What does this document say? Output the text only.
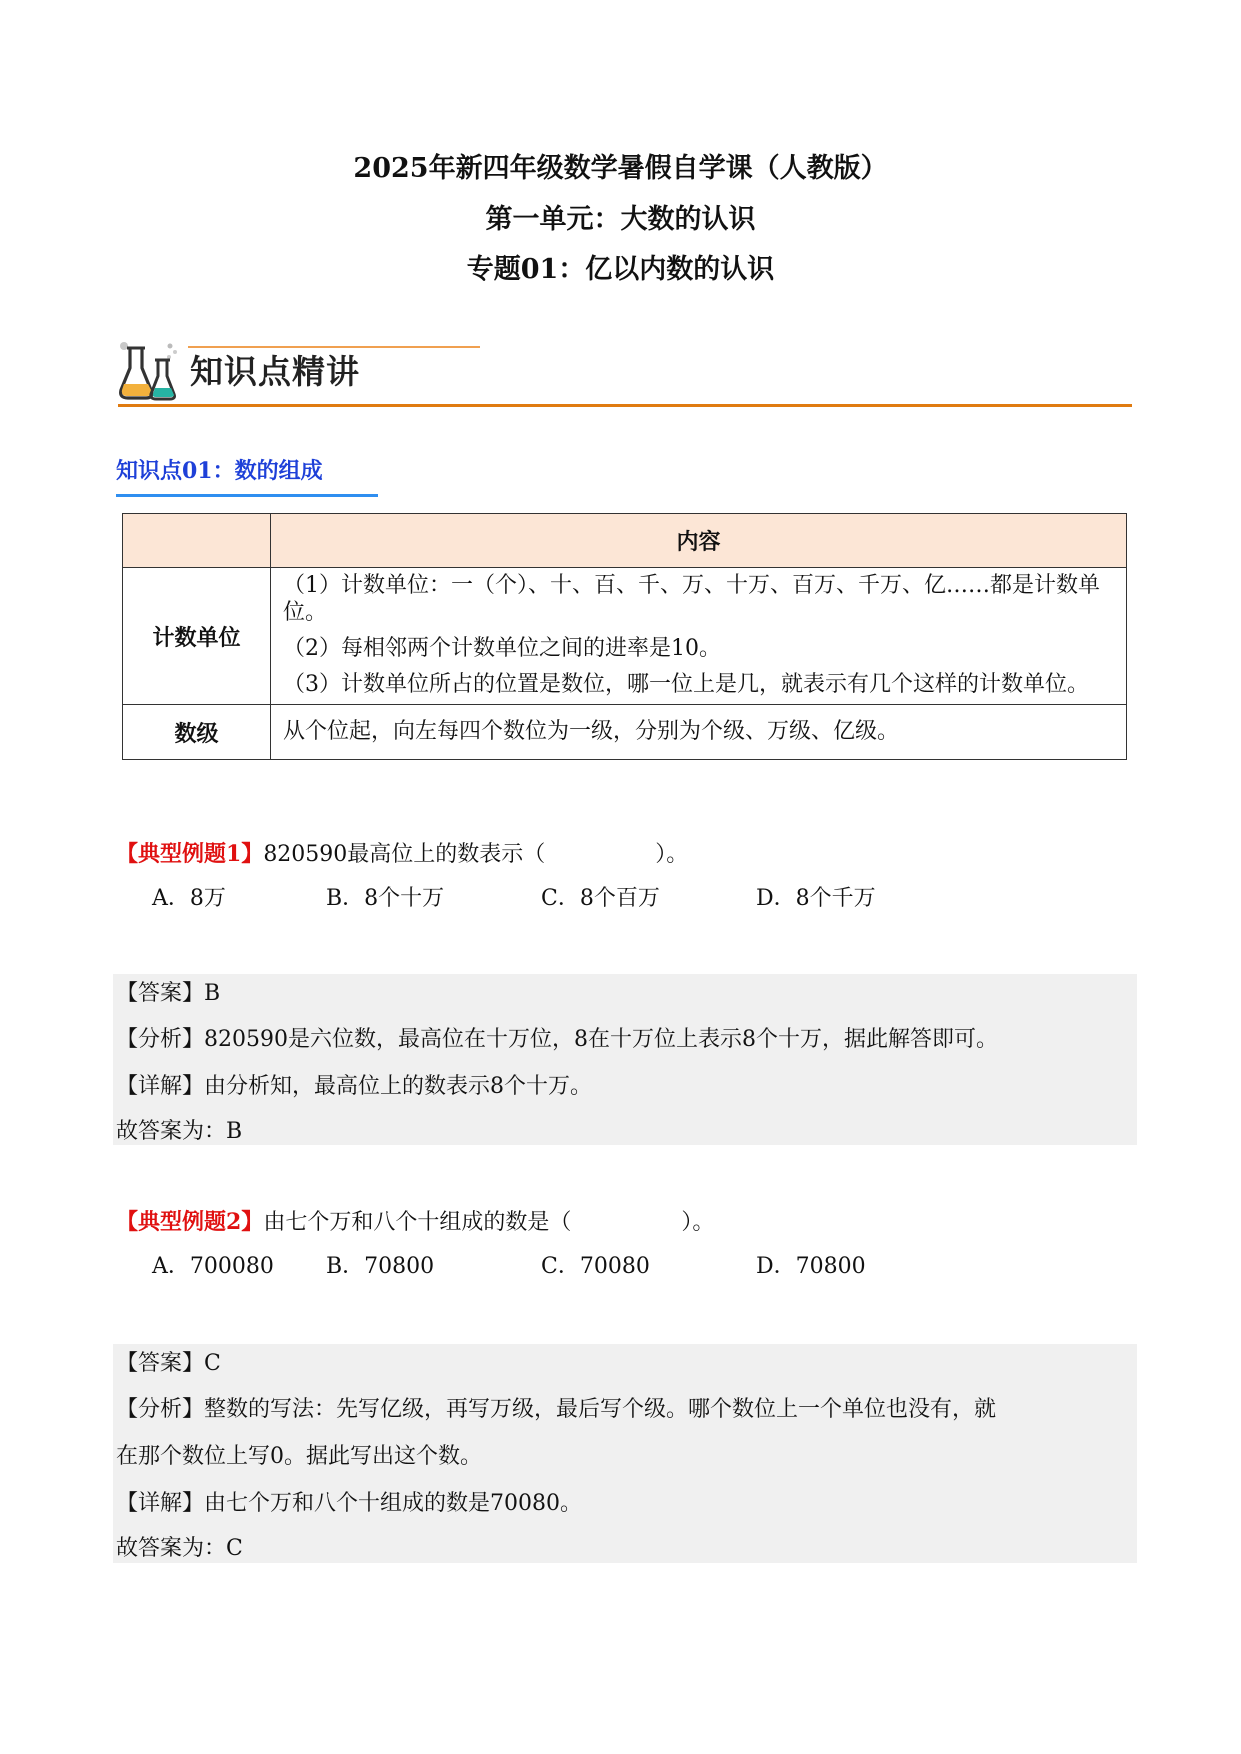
2025年新四年级数学暑假自学课（人教版）
第一单元：大数的认识
专题01：亿以内数的认识
知识点精讲
知识点01：数的组成
	内容
计数单位	（1）计数单位：一（个）、十、百、千、万、十万、百万、千万、亿……都是计数单位。

（2）每相邻两个计数单位之间的进率是10。

（3）计数单位所占的位置是数位，哪一位上是几，就表示有几个这样的计数单位。

数级	从个位起，向左每四个数位为一级，分别为个级、万级、亿级。
【典型例题1】820590最高位上的数表示（　　　　　）。
A．8万	B．8个十万	C．8个百万	D．8个千万
【答案】B
【分析】820590是六位数，最高位在十万位，8在十万位上表示8个十万，据此解答即可。
【详解】由分析知，最高位上的数表示8个十万。
故答案为：B
【典型例题2】由七个万和八个十组成的数是（　　　　　）。
A．700080 B．70800	C．70080	D．70800
【答案】C
【分析】整数的写法：先写亿级，再写万级，最后写个级。哪个数位上一个单位也没有，就
在那个数位上写0。据此写出这个数。
【详解】由七个万和八个十组成的数是70080。
故答案为：C
